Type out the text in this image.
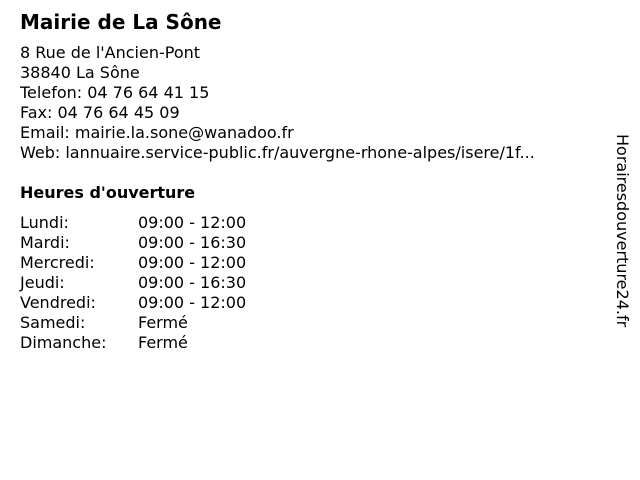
Mairie de La Sône
8 Rue de l'Ancien-Pont
38840 La Sône
Telefon: 04 76 64 41 15
Fax: 04 76 64 45 09
Email: mairie.la.sone@wanadoo.fr
Web: lannuaire.service-public.fr/auvergne-rhone-alpes/isere/1f...
Heures d'ouverture
Lundi:	09:00 - 12:00
Mardi:	09:00 - 16:30
Mercredi:	09:00 - 12:00
Jeudi:	09:00 - 16:30
Vendredi:	09:00 - 12:00
Samedi:	Fermé
Dimanche: Fermé
Horairesdouverture24.fr
